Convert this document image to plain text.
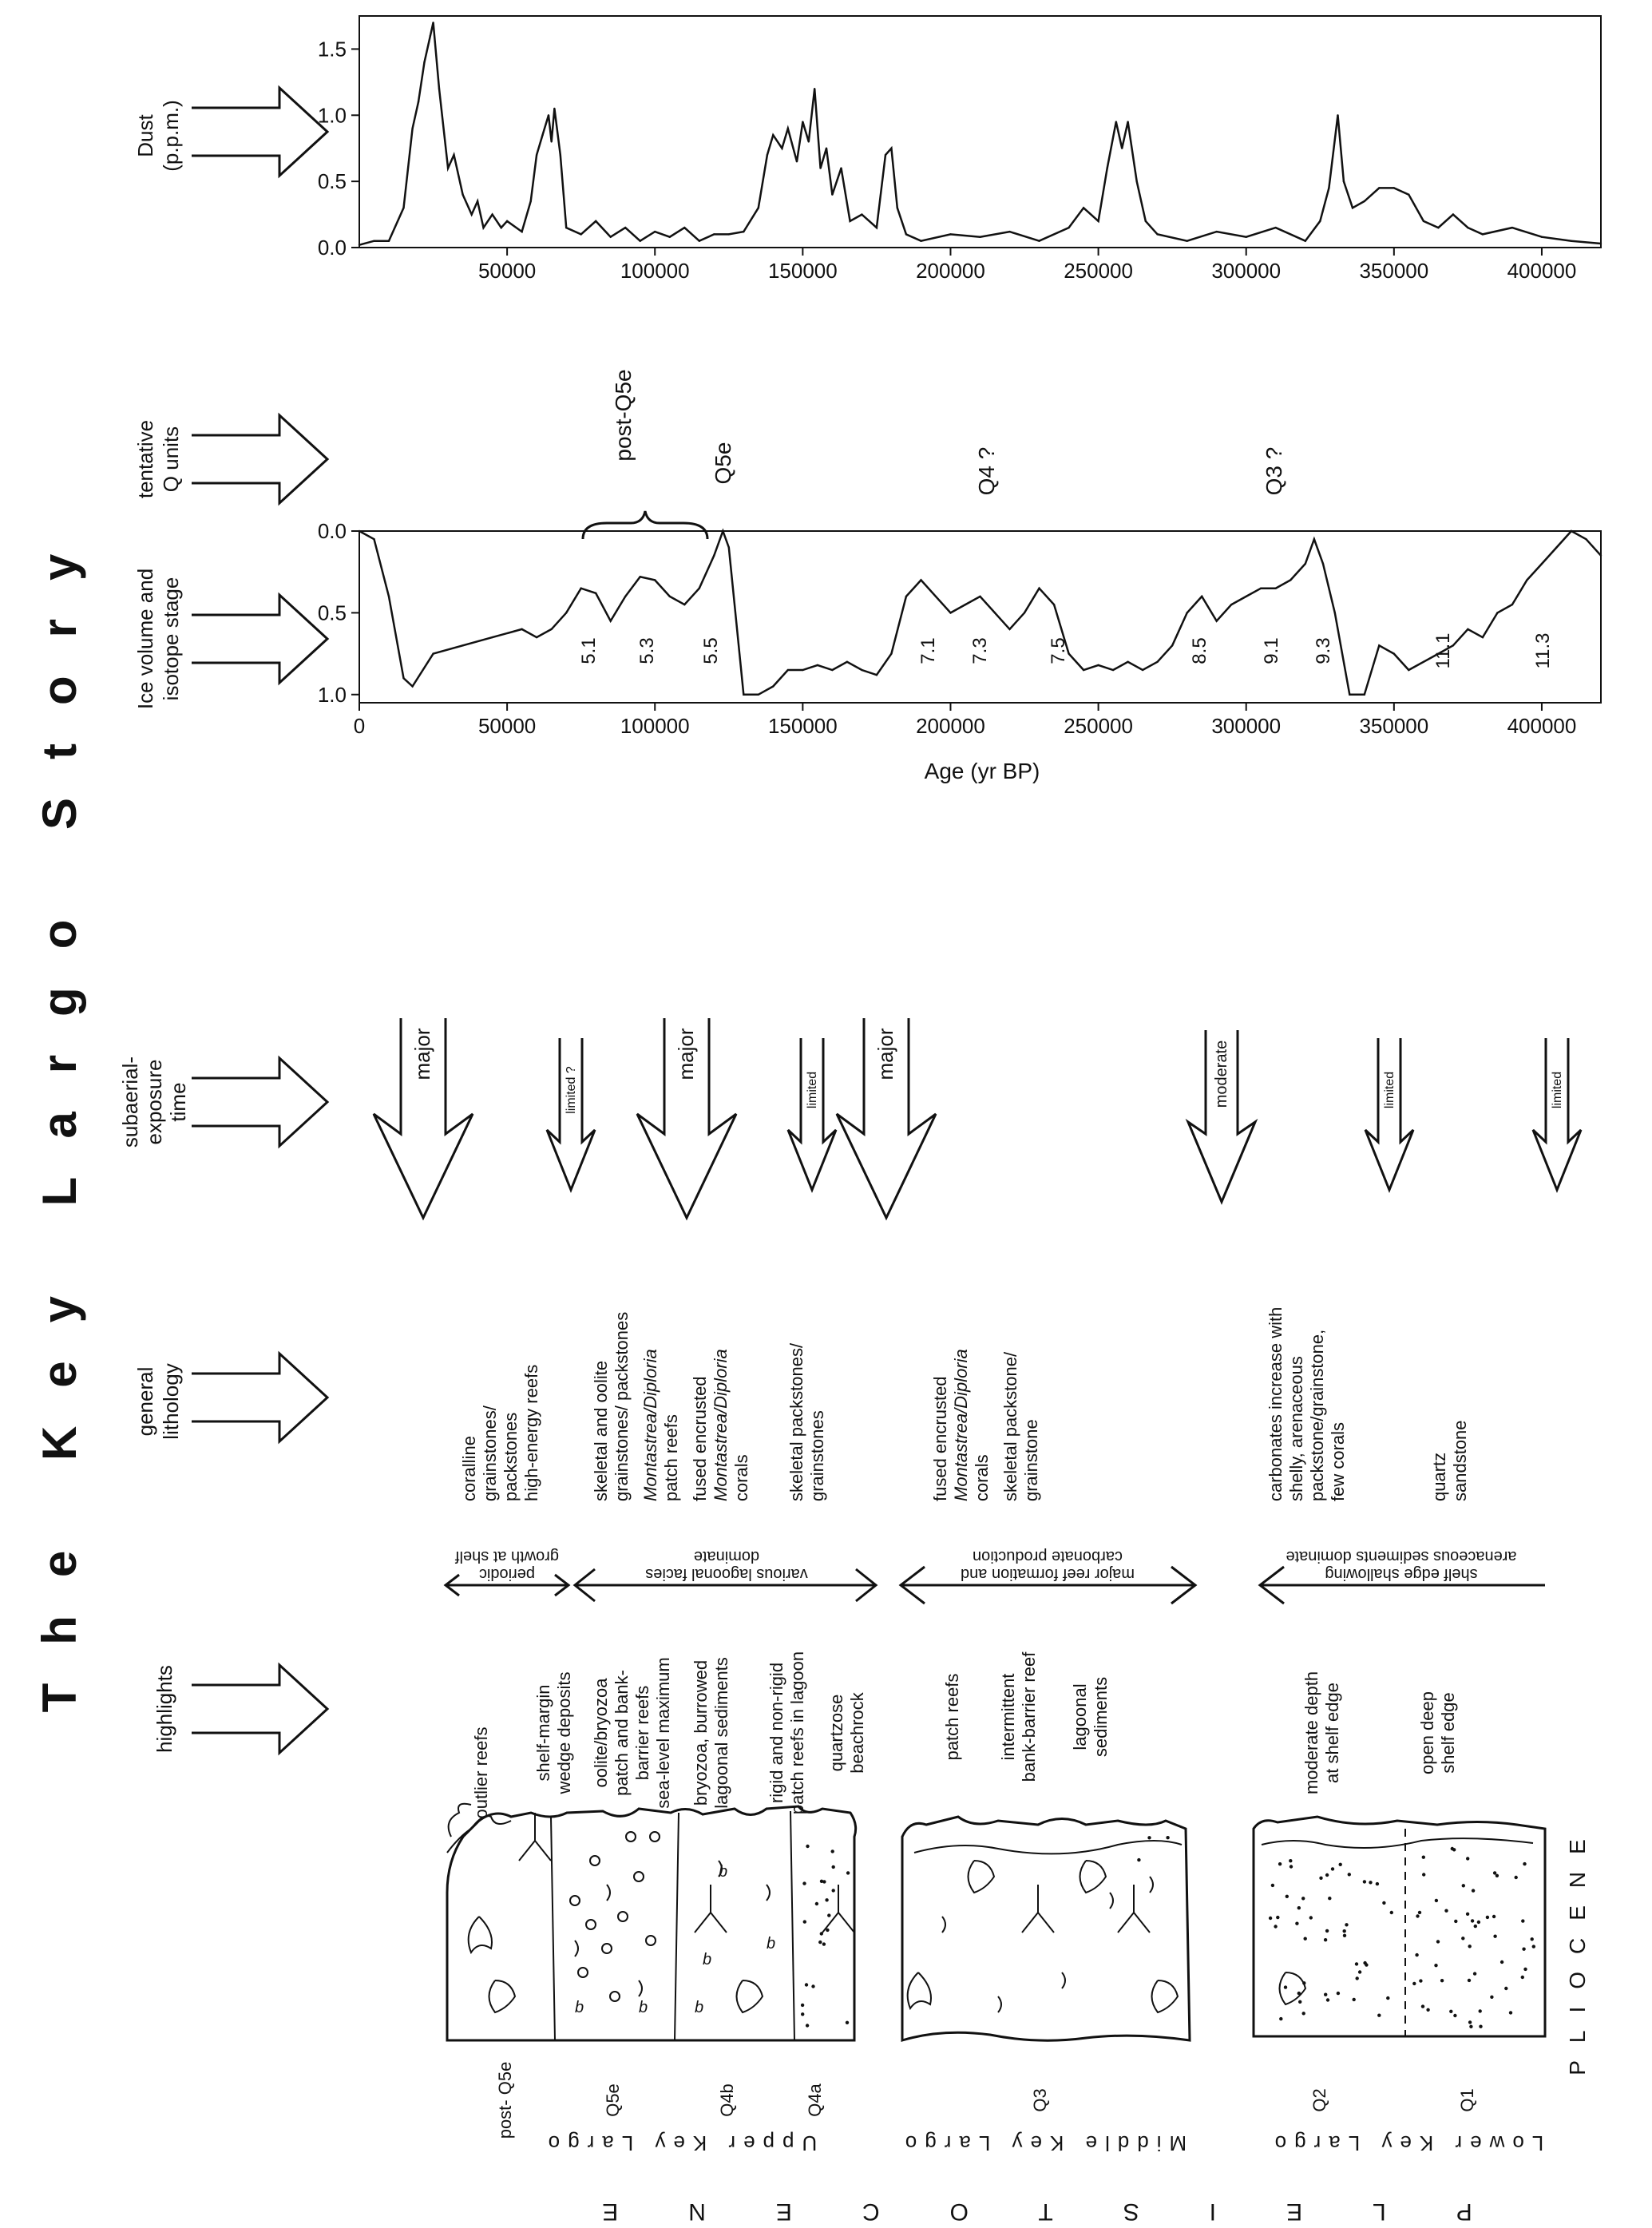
The Key Largo Story
Dust (p.p.m.)
tentative Q units
Ice volume and isotope stage
subaerial- exposure time
general lithology
highlights
0.0
0.5
1.0
1.5
50000	100000	150000	200000	250000	300000	350000	400000
0.0
0.5
1.0
0	50000	100000	150000	200000	250000	300000	350000	400000
Age (yr BP)
5.1 5.3 5.5	7.1 7.3	7.5	8.5	9.1 9.3	11.1	11.3
post-Q5e
Q5e	Q4 ?	Q3 ?
major
limited ?
major
limited
major	moderate	limited	limited
coralline grainstones/ packstones high-energy reefs	skeletal and oolite grainstones/ packstones Montastrea/Diploria patch reefs fused encrusted Montastrea/Diploria corals skeletal packstones/ grainstones	fused encrusted Montastrea/Diploria corals skeletal packstone/ grainstone	carbonates increase with shelly, arenaceous packstone/grainstone, few corals	quartz sandstone
periodic
growth at shelf
various lagoonal facies
dominate
major reef formation and
carbonate production
shelf edge shallowing
arenaceous sediments dominate
outlier reefs shelf-margin wedge deposits oolite/bryozoa patch and bank- barrier reefs sea-level maximum bryozoa, burrowed lagoonal sediments rigid and non-rigid patch reefs in lagoon quartzose beachrock	patch reefs intermittent bank-barrier reef lagoonal sediments	moderate depth at shelf edge	open deep shelf edge
b	b	b
b
b
b
post- Q5e	Q5e	Q4b	Q4a	Q3	Q2	Q1
Upper Key Largo	Middle Key Largo	Lower Key Largo
PLEISTOCENE
PLIOCENE
